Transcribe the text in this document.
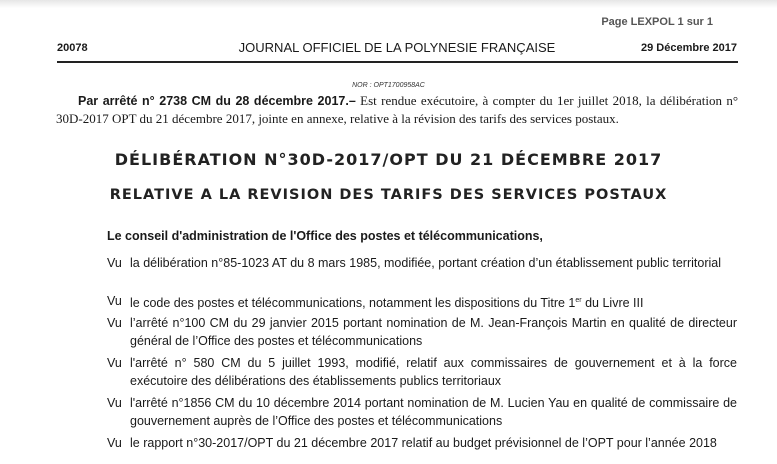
Page LEXPOL 1 sur 1
20078	JOURNAL OFFICIEL DE LA POLYNESIE FRANÇAISE	29 Décembre 2017
NOR : OPT1700958AC
Par arrêté n° 2738 CM du 28 décembre 2017.– Est rendue exécutoire, à compter du 1er juillet 2018, la délibération n° 30D-2017 OPT du 21 décembre 2017, jointe en annexe, relative à la révision des tarifs des services postaux.
DÉLIBÉRATION N°30D-2017/OPT DU 21 DÉCEMBRE 2017
RELATIVE A LA REVISION DES TARIFS DES SERVICES POSTAUX
Le conseil d'administration de l'Office des postes et télécommunications,
Vu la délibération n°85-1023 AT du 8 mars 1985, modifiée, portant création d’un établissement public territorial
Vu le code des postes et télécommunications, notamment les dispositions du Titre 1er du Livre III
Vu l’arrêté n°100 CM du 29 janvier 2015 portant nomination de M. Jean-François Martin en qualité de directeur général de l’Office des postes et télécommunications
Vu l'arrêté n° 580 CM du 5 juillet 1993, modifié, relatif aux commissaires de gouvernement et à la force exécutoire des délibérations des établissements publics territoriaux
Vu l'arrêté n°1856 CM du 10 décembre 2014 portant nomination de M. Lucien Yau en qualité de commissaire de gouvernement auprès de l’Office des postes et télécommunications
Vu le rapport n°30-2017/OPT du 21 décembre 2017 relatif au budget prévisionnel de l’OPT pour l’année 2018
